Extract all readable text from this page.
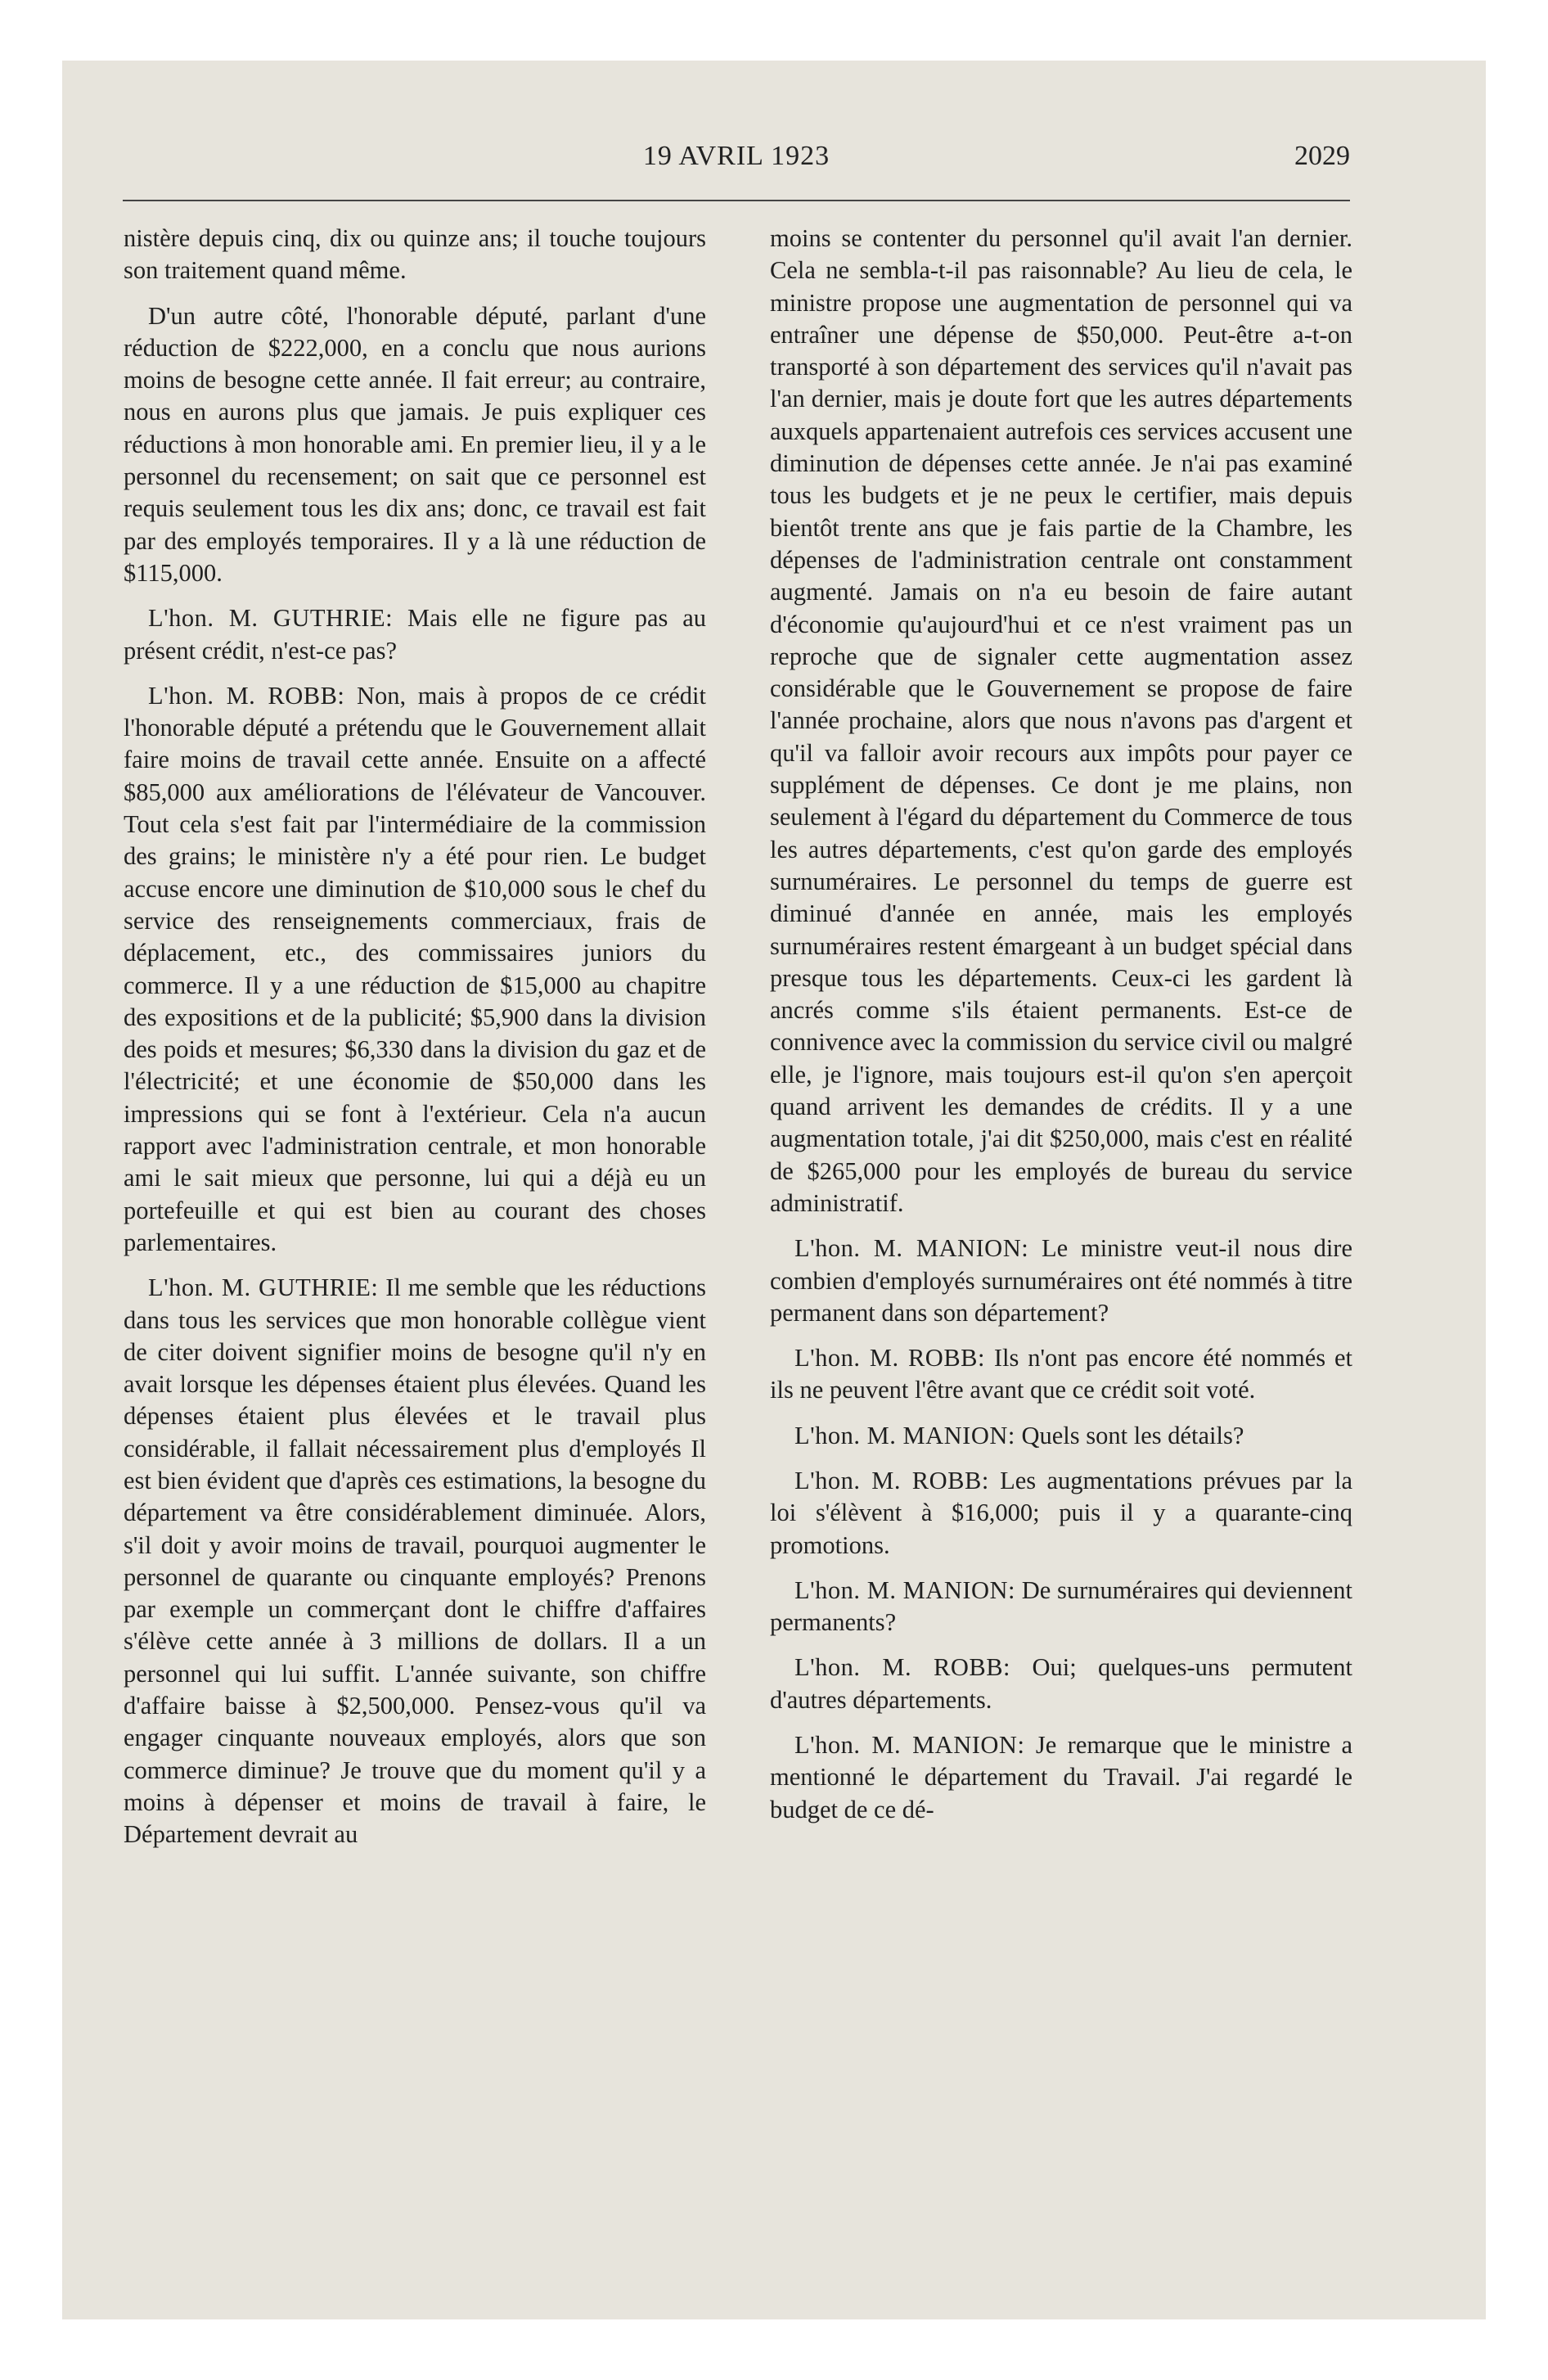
19 AVRIL 1923	2029

nistère depuis cinq, dix ou quinze ans; il touche toujours son traitement quand même.

D'un autre côté, l'honorable député, parlant d'une réduction de $222,000, en a conclu que nous aurions moins de besogne cette année. Il fait erreur; au contraire, nous en aurons plus que jamais. Je puis expliquer ces réductions à mon honorable ami. En premier lieu, il y a le personnel du recensement; on sait que ce personnel est requis seulement tous les dix ans; donc, ce travail est fait par des employés temporaires. Il y a là une réduction de $115,000.

L'hon. M. GUTHRIE: Mais elle ne figure pas au présent crédit, n'est-ce pas?

L'hon. M. ROBB: Non, mais à propos de ce crédit l'honorable député a prétendu que le Gouvernement allait faire moins de travail cette année. Ensuite on a affecté $85,000 aux améliorations de l'élévateur de Vancouver. Tout cela s'est fait par l'intermédiaire de la commission des grains; le ministère n'y a été pour rien. Le budget accuse encore une diminution de $10,000 sous le chef du service des renseignements commerciaux, frais de déplacement, etc., des commissaires juniors du commerce. Il y a une réduction de $15,000 au chapitre des expositions et de la publicité; $5,900 dans la division des poids et mesures; $6,330 dans la division du gaz et de l'électricité; et une économie de $50,000 dans les impressions qui se font à l'extérieur. Cela n'a aucun rapport avec l'administration centrale, et mon honorable ami le sait mieux que personne, lui qui a déjà eu un portefeuille et qui est bien au courant des choses parlementaires.

L'hon. M. GUTHRIE: Il me semble que les réductions dans tous les services que mon honorable collègue vient de citer doivent signifier moins de besogne qu'il n'y en avait lorsque les dépenses étaient plus élevées. Quand les dépenses étaient plus élevées et le travail plus considérable, il fallait nécessairement plus d'employés Il est bien évident que d'après ces estimations, la besogne du département va être considérablement diminuée. Alors, s'il doit y avoir moins de travail, pourquoi augmenter le personnel de quarante ou cinquante employés? Prenons par exemple un commerçant dont le chiffre d'affaires s'élève cette année à 3 millions de dollars. Il a un personnel qui lui suffit. L'année suivante, son chiffre d'affaire baisse à $2,500,000. Pensez-vous qu'il va engager cinquante nouveaux employés, alors que son commerce diminue? Je trouve que du moment qu'il y a moins à dépenser et moins de travail à faire, le Département devrait au

moins se contenter du personnel qu'il avait l'an dernier. Cela ne sembla-t-il pas raisonnable? Au lieu de cela, le ministre propose une augmentation de personnel qui va entraîner une dépense de $50,000. Peut-être a-t-on transporté à son département des services qu'il n'avait pas l'an dernier, mais je doute fort que les autres départements auxquels appartenaient autrefois ces services accusent une diminution de dépenses cette année. Je n'ai pas examiné tous les budgets et je ne peux le certifier, mais depuis bientôt trente ans que je fais partie de la Chambre, les dépenses de l'administration centrale ont constamment augmenté. Jamais on n'a eu besoin de faire autant d'économie qu'aujourd'hui et ce n'est vraiment pas un reproche que de signaler cette augmentation assez considérable que le Gouvernement se propose de faire l'année prochaine, alors que nous n'avons pas d'argent et qu'il va falloir avoir recours aux impôts pour payer ce supplément de dépenses. Ce dont je me plains, non seulement à l'égard du département du Commerce de tous les autres départements, c'est qu'on garde des employés surnuméraires. Le personnel du temps de guerre est diminué d'année en année, mais les employés surnuméraires restent émargeant à un budget spécial dans presque tous les départements. Ceux-ci les gardent là ancrés comme s'ils étaient permanents. Est-ce de connivence avec la commission du service civil ou malgré elle, je l'ignore, mais toujours est-il qu'on s'en aperçoit quand arrivent les demandes de crédits. Il y a une augmentation totale, j'ai dit $250,000, mais c'est en réalité de $265,000 pour les employés de bureau du service administratif.

L'hon. M. MANION: Le ministre veut-il nous dire combien d'employés surnuméraires ont été nommés à titre permanent dans son département?

L'hon. M. ROBB: Ils n'ont pas encore été nommés et ils ne peuvent l'être avant que ce crédit soit voté.

L'hon. M. MANION: Quels sont les détails?

L'hon. M. ROBB: Les augmentations prévues par la loi s'élèvent à $16,000; puis il y a quarante-cinq promotions.

L'hon. M. MANION: De surnuméraires qui deviennent permanents?

L'hon. M. ROBB: Oui; quelques-uns permutent d'autres départements.

L'hon. M. MANION: Je remarque que le ministre a mentionné le département du Travail. J'ai regardé le budget de ce dé-
